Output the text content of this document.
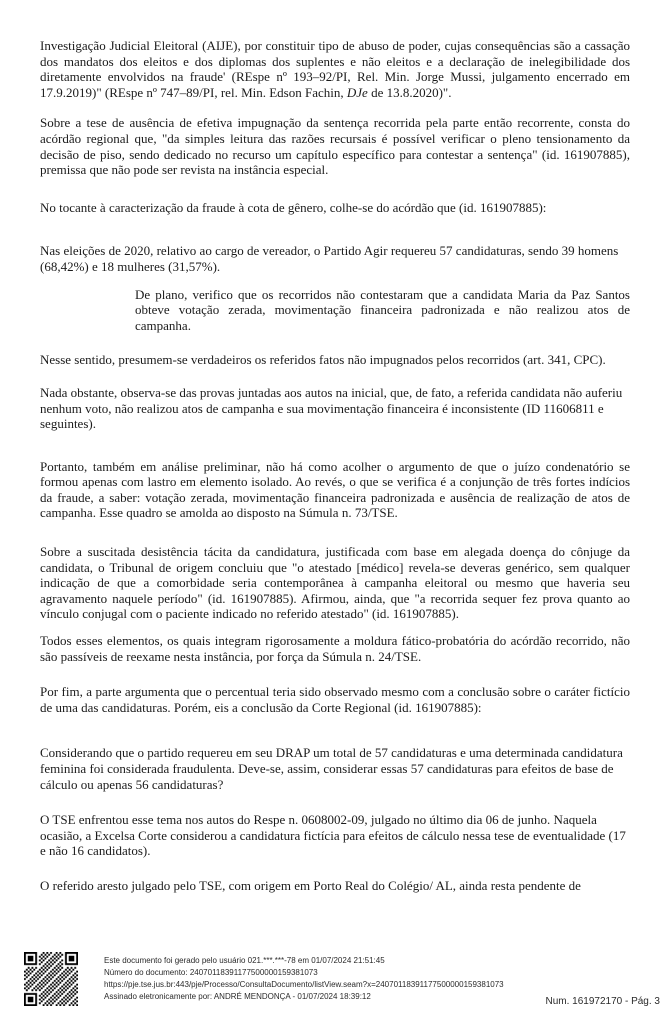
Investigação Judicial Eleitoral (AIJE), por constituir tipo de abuso de poder, cujas consequências são a cassação dos mandatos dos eleitos e dos diplomas dos suplentes e não eleitos e a declaração de inelegibilidade dos diretamente envolvidos na fraude' (REspe nº 193–92/PI, Rel. Min. Jorge Mussi, julgamento encerrado em 17.9.2019)" (REspe nº 747–89/PI, rel. Min. Edson Fachin, DJe de 13.8.2020)".

Sobre a tese de ausência de efetiva impugnação da sentença recorrida pela parte então recorrente, consta do acórdão regional que, "da simples leitura das razões recursais é possível verificar o pleno tensionamento da decisão de piso, sendo dedicado no recurso um capítulo específico para contestar a sentença" (id. 161907885), premissa que não pode ser revista na instância especial.

No tocante à caracterização da fraude à cota de gênero, colhe-se do acórdão que (id. 161907885):

Nas eleições de 2020, relativo ao cargo de vereador, o Partido Agir requereu 57 candidaturas, sendo 39 homens (68,42%) e 18 mulheres (31,57%).

De plano, verifico que os recorridos não contestaram que a candidata Maria da Paz Santos obteve votação zerada, movimentação financeira padronizada e não realizou atos de campanha.

Nesse sentido, presumem-se verdadeiros os referidos fatos não impugnados pelos recorridos (art. 341, CPC).

Nada obstante, observa-se das provas juntadas aos autos na inicial, que, de fato, a referida candidata não auferiu nenhum voto, não realizou atos de campanha e sua movimentação financeira é inconsistente (ID 11606811 e seguintes).

Portanto, também em análise preliminar, não há como acolher o argumento de que o juízo condenatório se formou apenas com lastro em elemento isolado. Ao revés, o que se verifica é a conjunção de três fortes indícios da fraude, a saber: votação zerada, movimentação financeira padronizada e ausência de realização de atos de campanha. Esse quadro se amolda ao disposto na Súmula n. 73/TSE.

Sobre a suscitada desistência tácita da candidatura, justificada com base em alegada doença do cônjuge da candidata, o Tribunal de origem concluiu que "o atestado [médico] revela-se deveras genérico, sem qualquer indicação de que a comorbidade seria contemporânea à campanha eleitoral ou mesmo que haveria seu agravamento naquele período" (id. 161907885). Afirmou, ainda, que "a recorrida sequer fez prova quanto ao vínculo conjugal com o paciente indicado no referido atestado" (id. 161907885).

Todos esses elementos, os quais integram rigorosamente a moldura fático-probatória do acórdão recorrido, não são passíveis de reexame nesta instância, por força da Súmula n. 24/TSE.

Por fim, a parte argumenta que o percentual teria sido observado mesmo com a conclusão sobre o caráter fictício de uma das candidaturas. Porém, eis a conclusão da Corte Regional (id. 161907885):

Considerando que o partido requereu em seu DRAP um total de 57 candidaturas e uma determinada candidatura feminina foi considerada fraudulenta. Deve-se, assim, considerar essas 57 candidaturas para efeitos de base de cálculo ou apenas 56 candidaturas?

O TSE enfrentou esse tema nos autos do Respe n. 0608002-09, julgado no último dia 06 de junho. Naquela ocasião, a Excelsa Corte considerou a candidatura fictícia para efeitos de cálculo nessa tese de eventualidade (17 e não 16 candidatos).

O referido aresto julgado pelo TSE, com origem em Porto Real do Colégio/ AL, ainda resta pendente de

Este documento foi gerado pelo usuário 021.***.***-78 em 01/07/2024 21:51:45
Número do documento: 24070118391177500000159381073
https://pje.tse.jus.br:443/pje/Processo/ConsultaDocumento/listView.seam?x=24070118391177500000159381073
Assinado eletronicamente por: ANDRÉ MENDONÇA - 01/07/2024 18:39:12	Num. 161972170 - Pág. 3
